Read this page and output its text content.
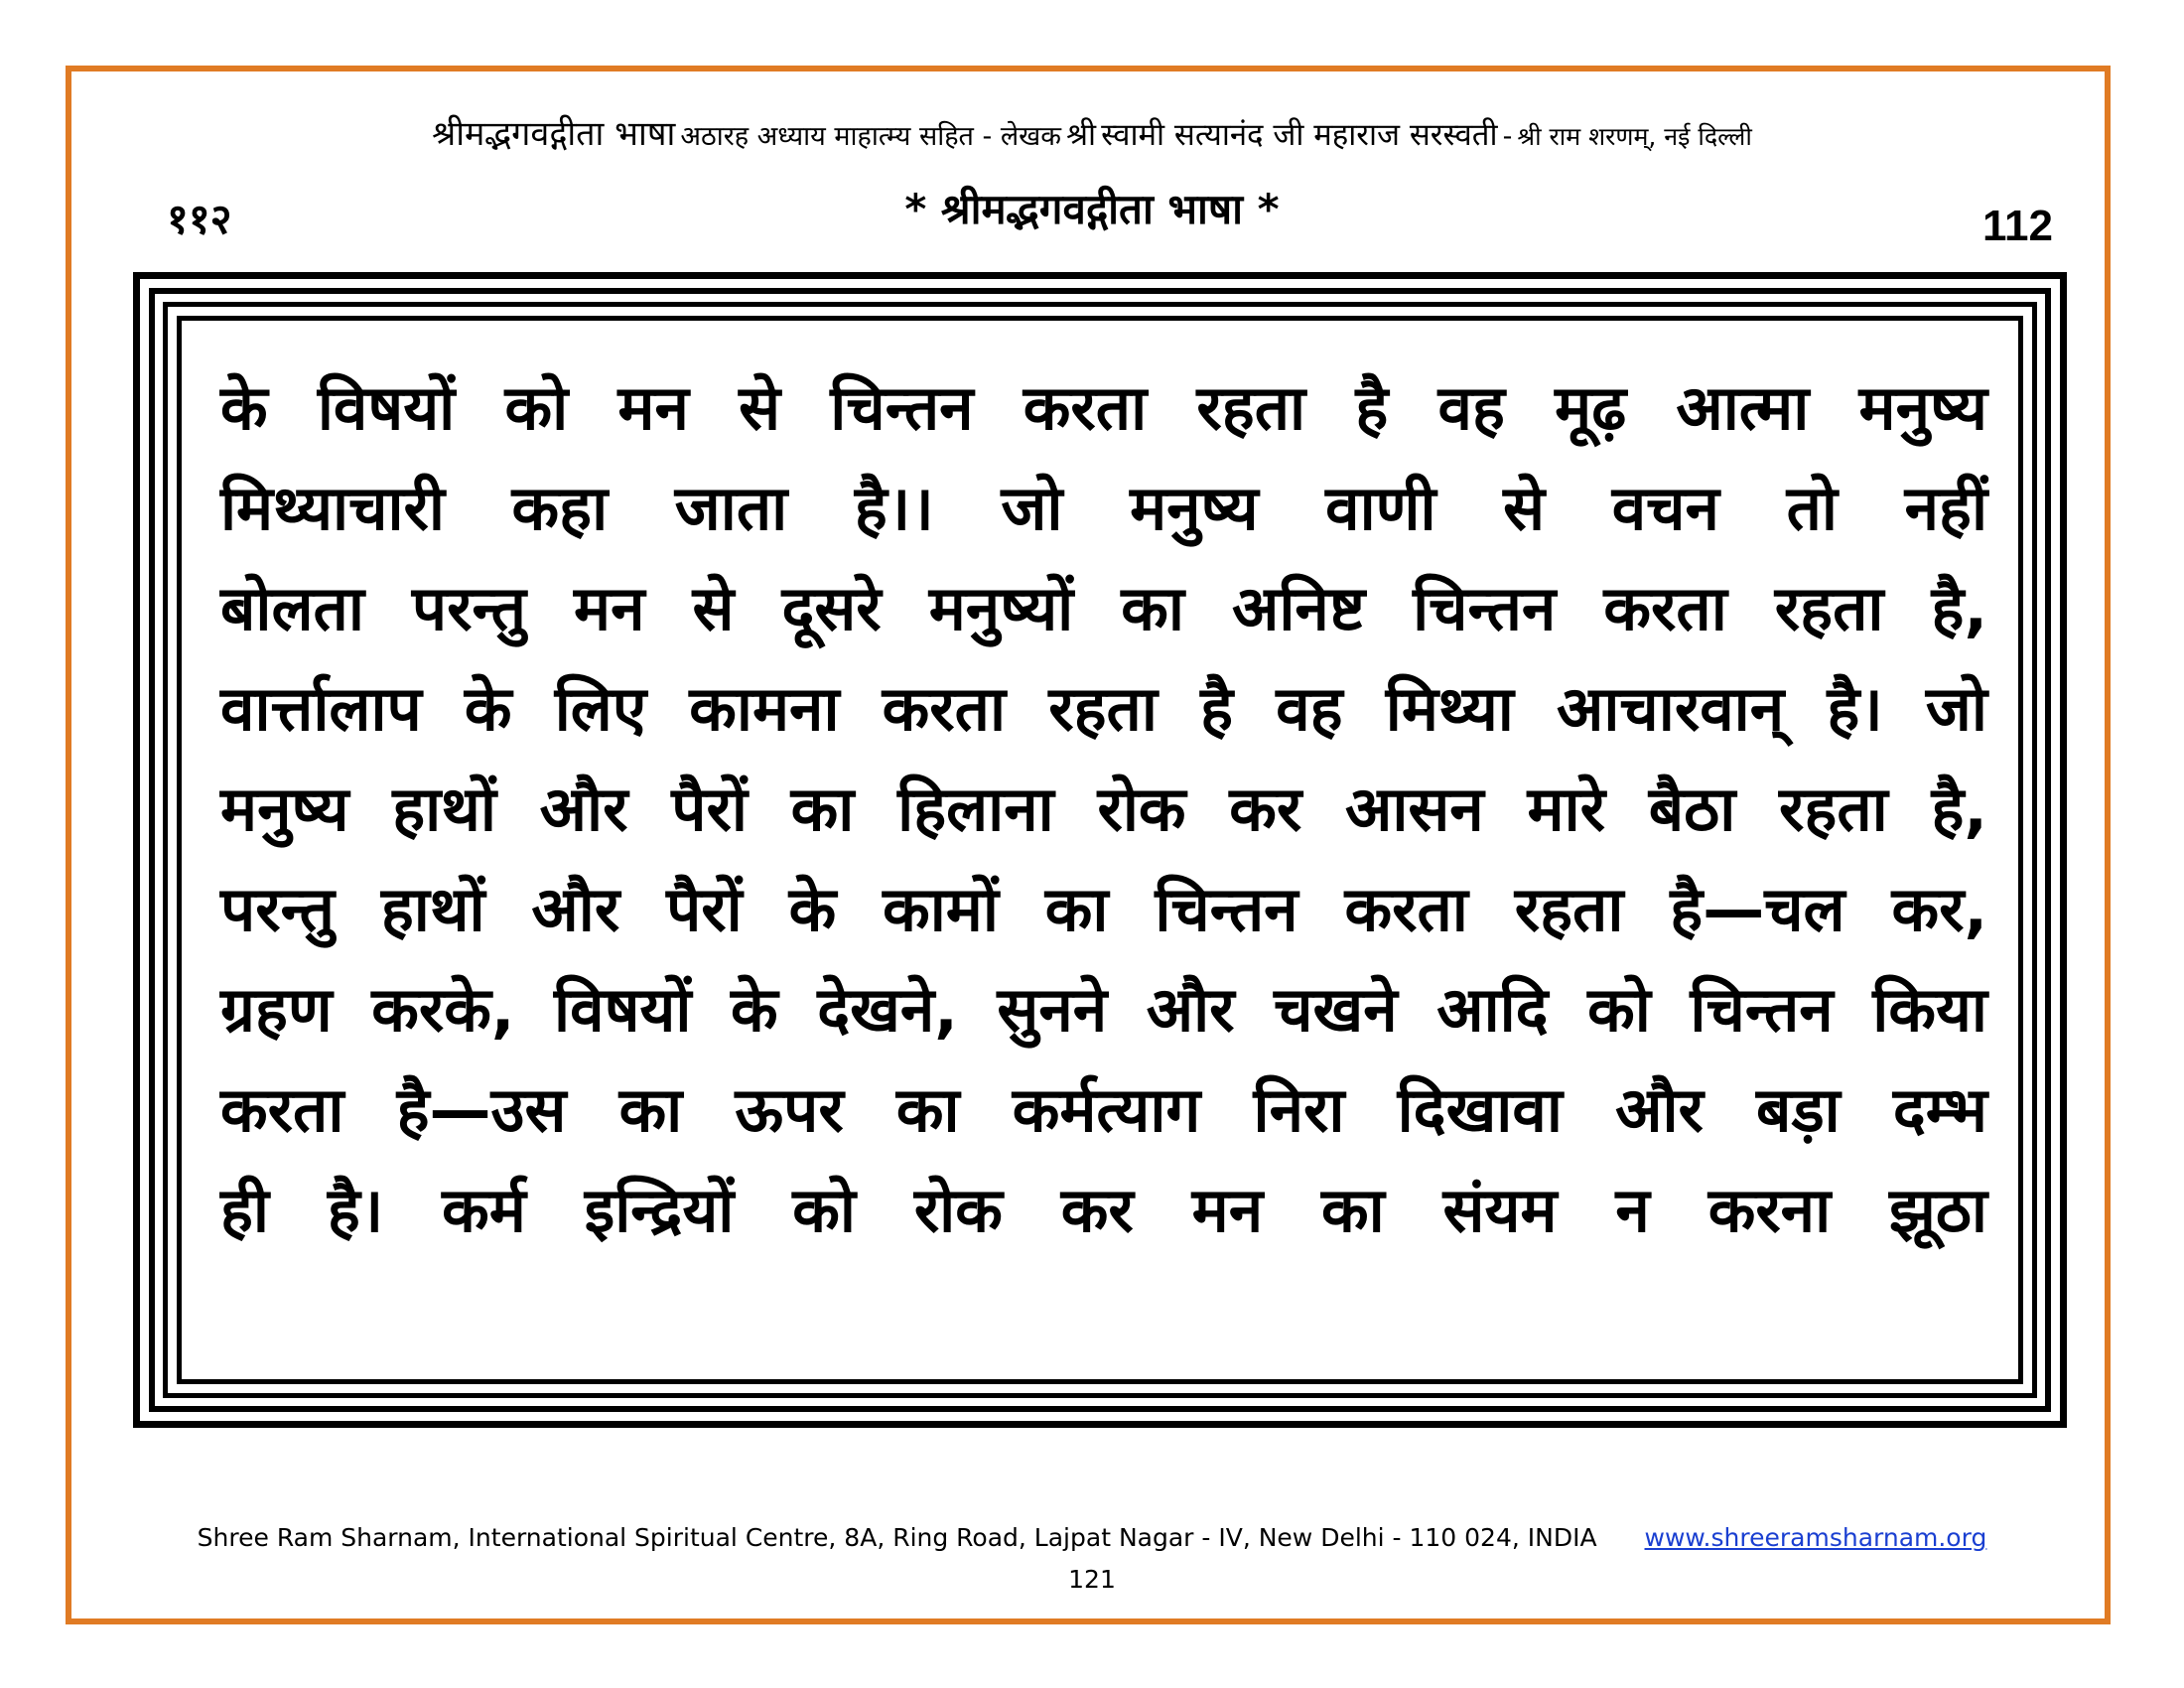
श्रीमद्भगवद्गीता भाषा अठारह अध्याय माहात्म्य सहित - लेखक श्री स्वामी सत्यानंद जी महाराज सरस्वती - श्री राम शरणम्, नई दिल्ली
११२	* श्रीमद्भगवद्गीता भाषा *	112
के विषयों को मन से चिन्तन करता रहता है वह मूढ़ आत्मा मनुष्य
मिथ्याचारी कहा जाता है।। जो मनुष्य वाणी से वचन तो नहीं
बोलता परन्तु मन से दूसरे मनुष्यों का अनिष्ट चिन्तन करता रहता है,
वार्त्तालाप के लिए कामना करता रहता है वह मिथ्या आचारवान् है। जो
मनुष्य हाथों और पैरों का हिलाना रोक कर आसन मारे बैठा रहता है,
परन्तु हाथों और पैरों के कामों का चिन्तन करता रहता है—चल कर,
ग्रहण करके, विषयों के देखने, सुनने और चखने आदि को चिन्तन किया
करता है—उस का ऊपर का कर्मत्याग निरा दिखावा और बड़ा दम्भ
ही है। कर्म इन्द्रियों को रोक कर मन का संयम न करना झूठा
Shree Ram Sharnam, International Spiritual Centre, 8A, Ring Road, Lajpat Nagar - IV, New Delhi - 110 024, INDIA www.shreeramsharnam.org
121
